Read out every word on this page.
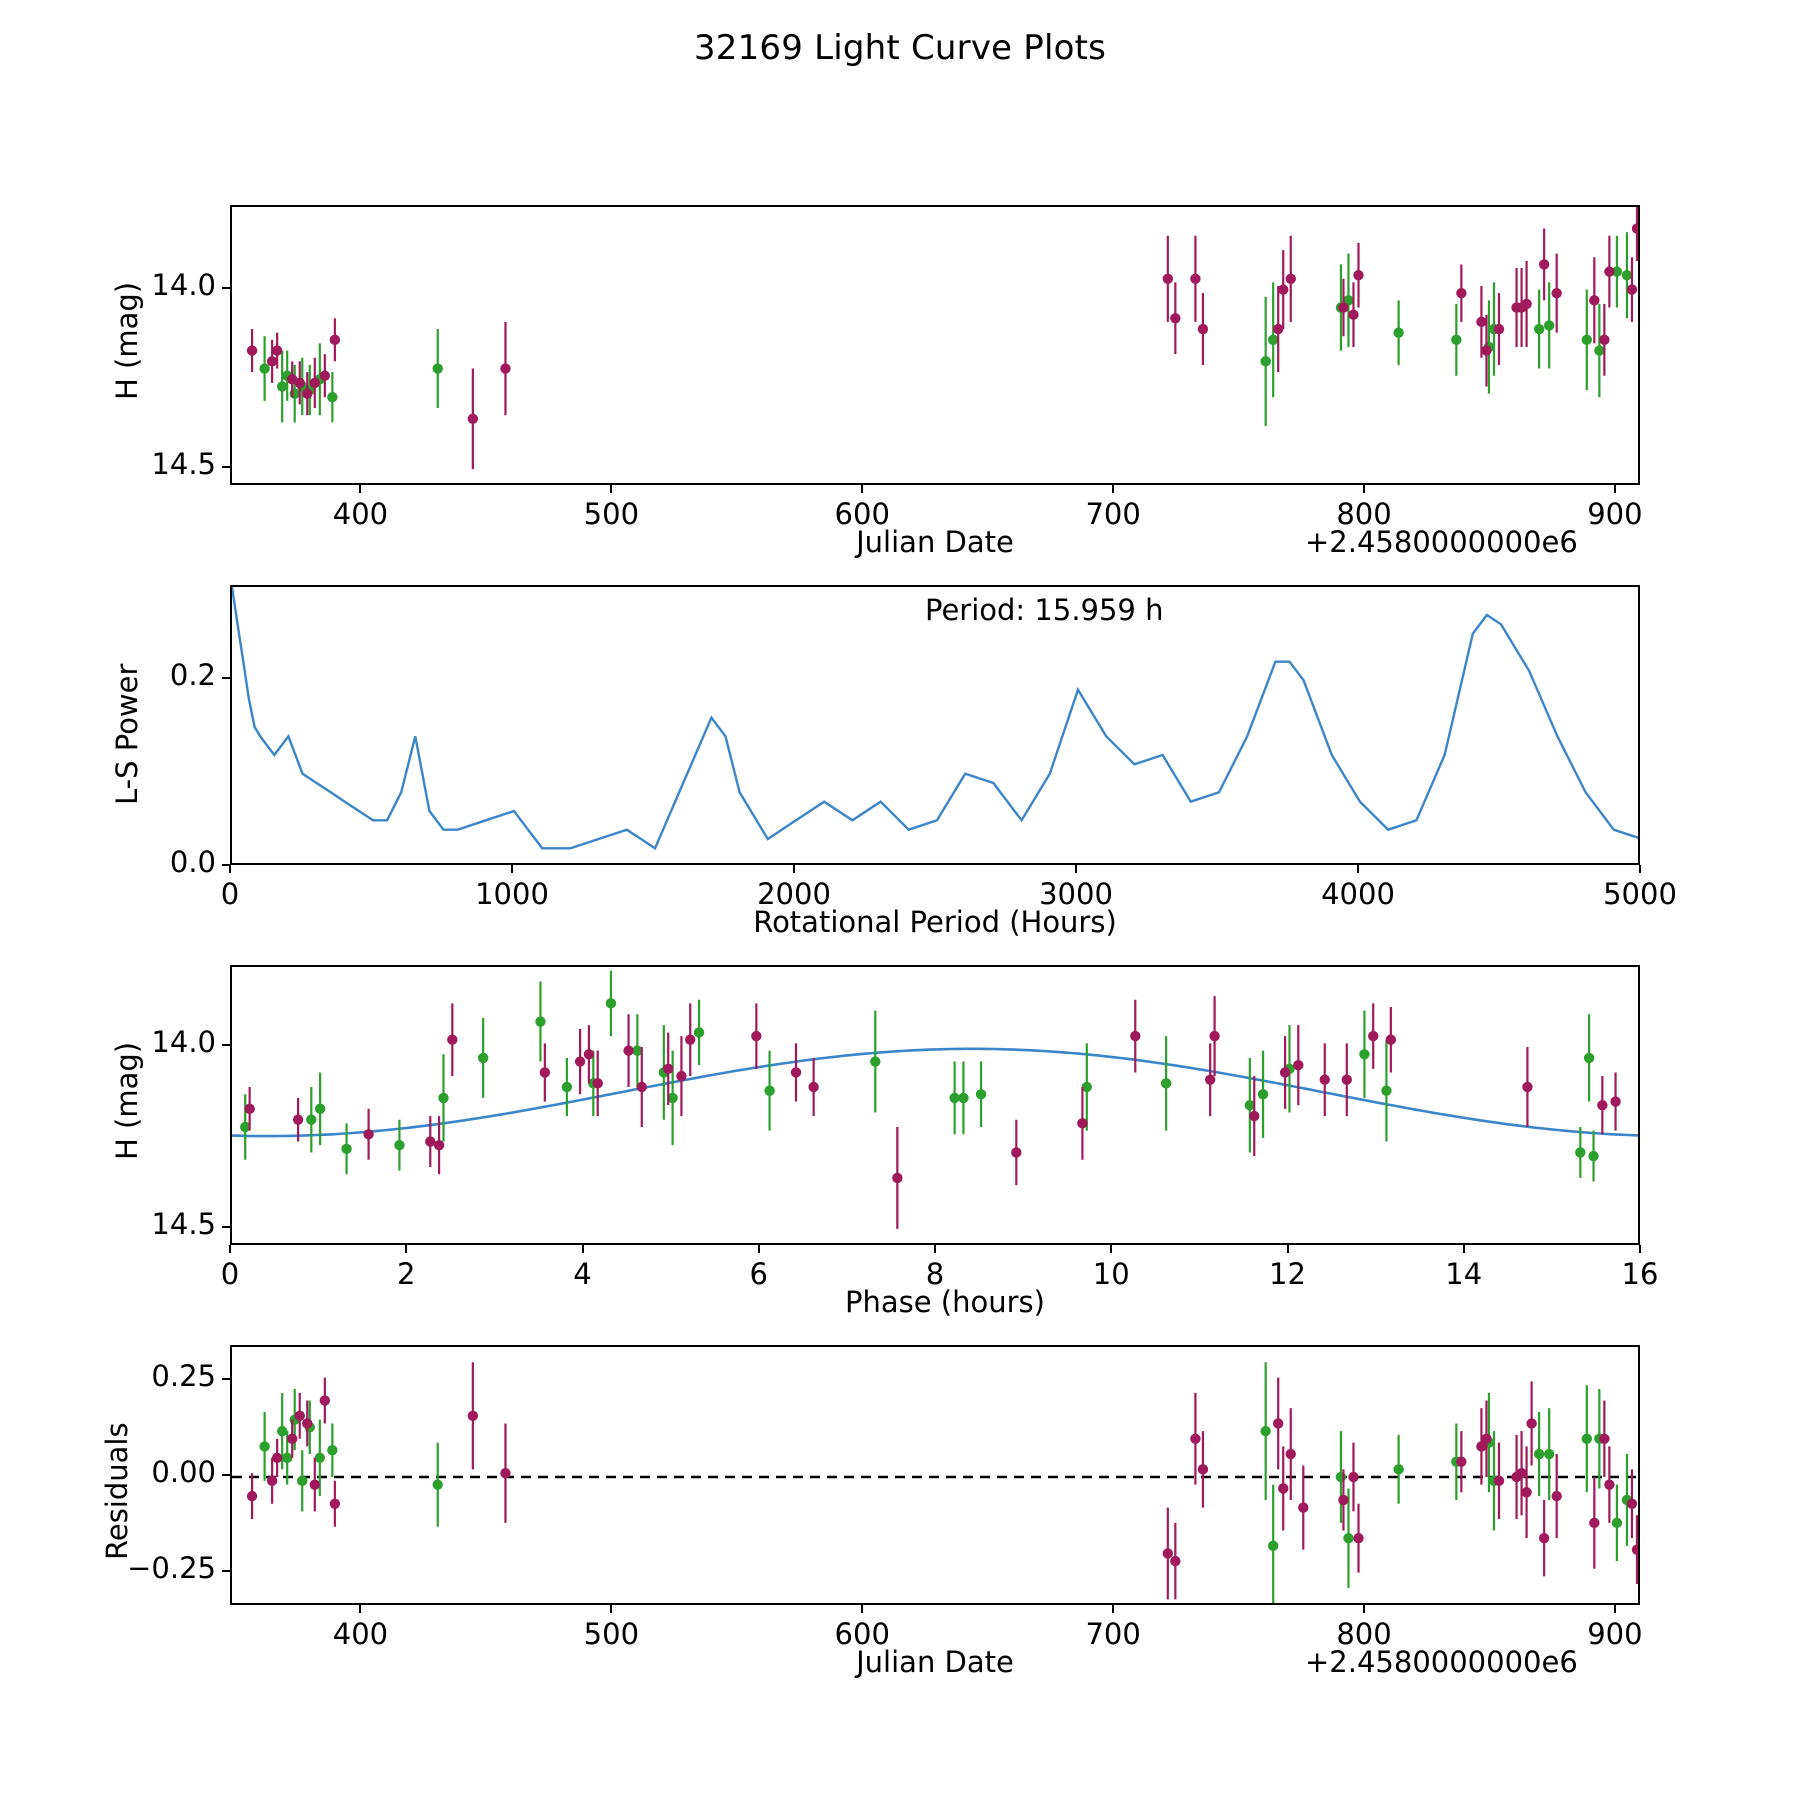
32169 Light Curve Plots
H (mag)
Julian Date	+2.4580000000e6
Period: 15.959 h
L-S Power
Rotational Period (Hours)
H (mag)
Phase (hours)
Residuals
Julian Date	+2.4580000000e6
400	500	600	700	800	900
14.0
14.5
0	1000	2000	3000	4000	5000
0.0
0.2
0	2	4	6	8	10	12	14	16
14.0
14.5
400	500	600	700	800	900
−0.25
0.00
0.25
